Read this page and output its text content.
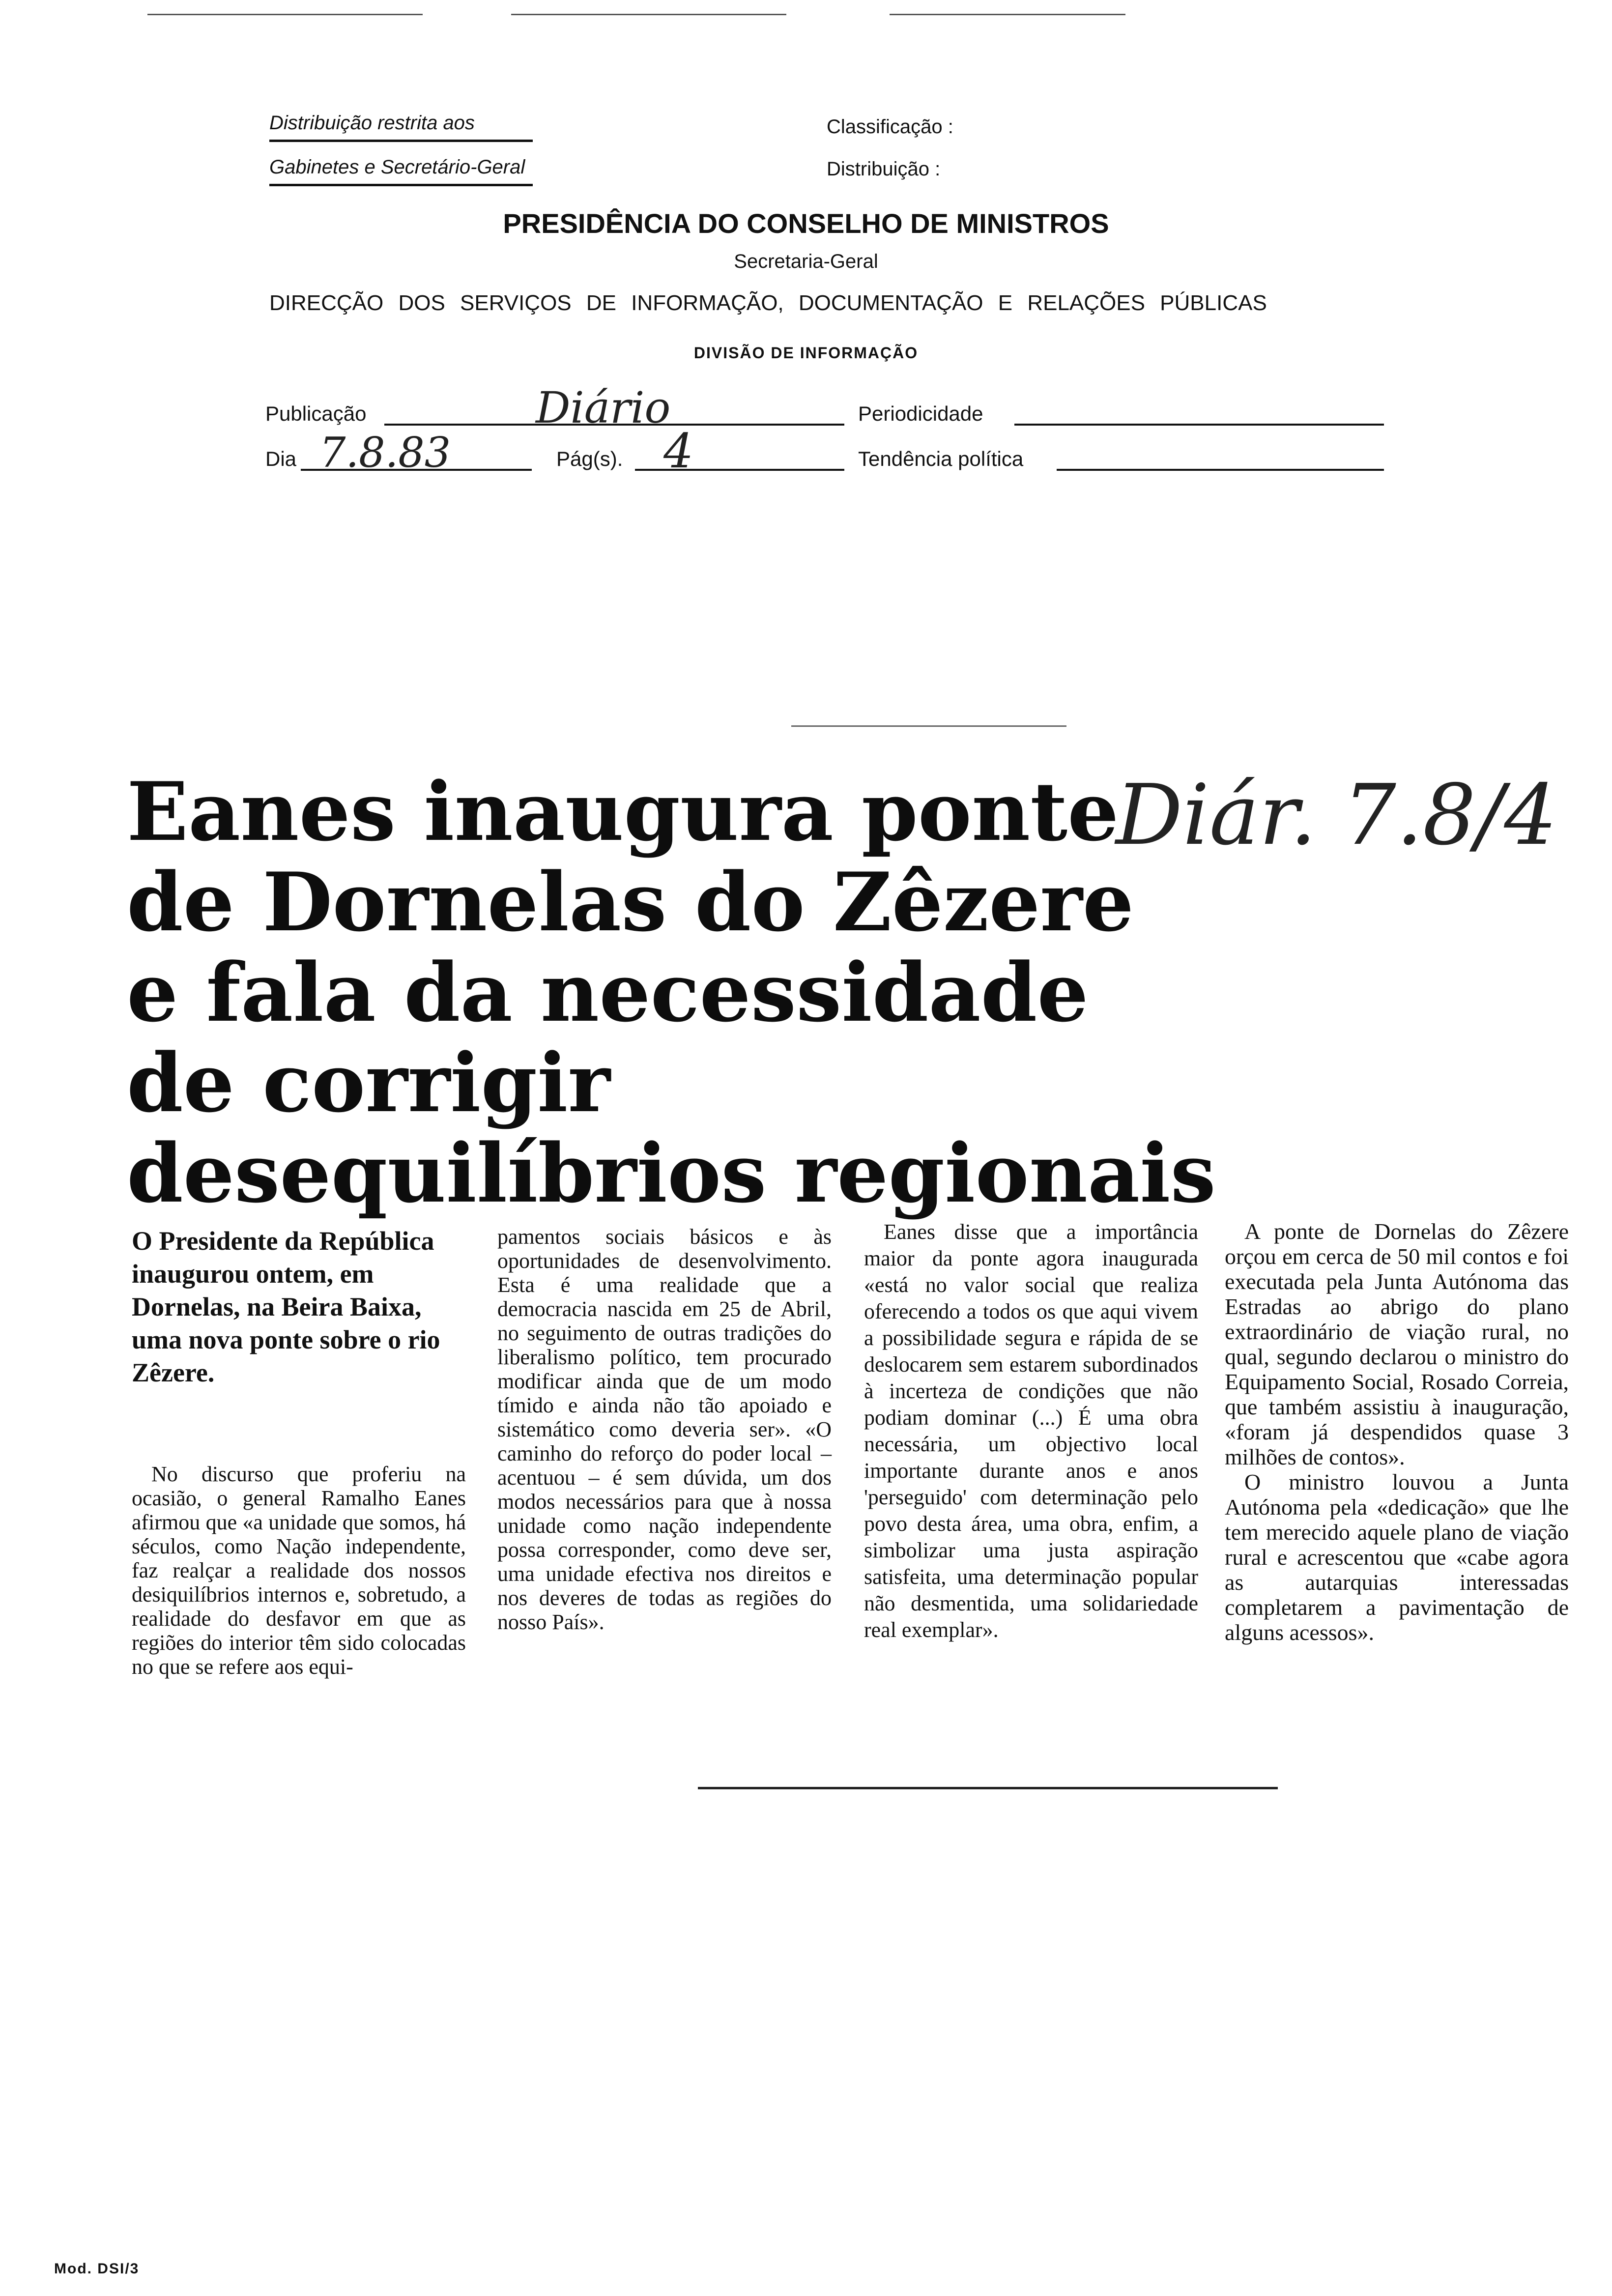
Distribuição restrita aos
Gabinetes e Secretário-Geral
Classificação :
Distribuição :
PRESIDÊNCIA DO CONSELHO DE MINISTROS
Secretaria-Geral
DIRECÇÃO DOS SERVIÇOS DE INFORMAÇÃO, DOCUMENTAÇÃO E RELAÇÕES PÚBLICAS
DIVISÃO DE INFORMAÇÃO
Publicação	Diário	Periodicidade
Dia 7.8.83	Pág(s). 4	Tendência política
Eanes inaugura ponte
de Dornelas do Zêzere
e fala da necessidade
de corrigir
desequilíbrios regionais
Diár. 7.8/4
O Presidente da República inaugurou ontem, em Dornelas, na Beira Baixa, uma nova ponte sobre o rio Zêzere.

No discurso que proferiu na ocasião, o general Ramalho Eanes afirmou que «a unidade que somos, há séculos, como Nação independente, faz realçar a realidade dos nossos desiquilíbrios internos e, sobretudo, a realidade do desfavor em que as regiões do interior têm sido colocadas no que se refere aos equi-

pamentos sociais básicos e às oportunidades de desenvolvimento. Esta é uma realidade que a democracia nascida em 25 de Abril, no seguimento de outras tradições do liberalismo político, tem procurado modificar ainda que de um modo tímido e ainda não tão apoiado e sistemático como deveria ser». «O caminho do reforço do poder local – acentuou – é sem dúvida, um dos modos necessários para que à nossa unidade como nação independente possa corresponder, como deve ser, uma unidade efectiva nos direitos e nos deveres de todas as regiões do nosso País».

Eanes disse que a importância maior da ponte agora inaugurada «está no valor social que realiza oferecendo a todos os que aqui vivem a possibilidade segura e rápida de se deslocarem sem estarem subordinados à incerteza de condições que não podiam dominar (...) É uma obra necessária, um objectivo local importante durante anos e anos 'perseguido' com determinação pelo povo desta área, uma obra, enfim, a simbolizar uma justa aspiração satisfeita, uma determinação popular não desmentida, uma solidariedade real exemplar».

A ponte de Dornelas do Zêzere orçou em cerca de 50 mil contos e foi executada pela Junta Autónoma das Estradas ao abrigo do plano extraordinário de viação rural, no qual, segundo declarou o ministro do Equipamento Social, Rosado Correia, que também assistiu à inauguração, «foram já despendidos quase 3 milhões de contos».

O ministro louvou a Junta Autónoma pela «dedicação» que lhe tem merecido aquele plano de viação rural e acrescentou que «cabe agora as autarquias interessadas completarem a pavimentação de alguns acessos».

Mod. DSI/3
